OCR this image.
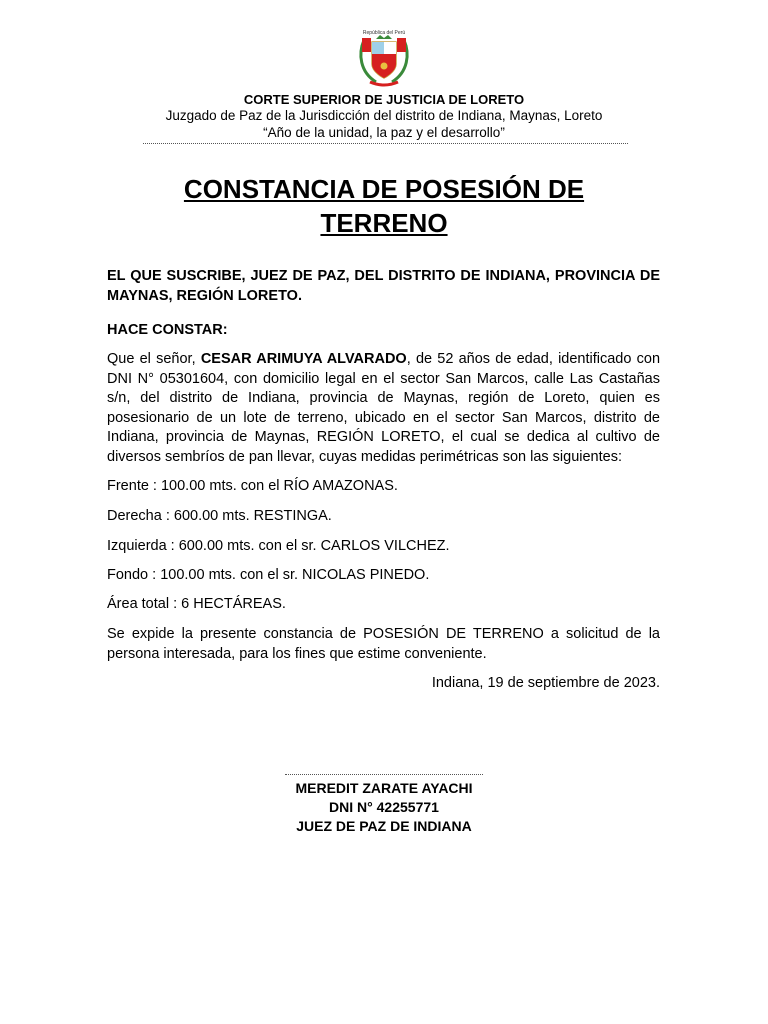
República del Perú
CORTE SUPERIOR DE JUSTICIA DE LORETO
Juzgado de Paz de la Jurisdicción del distrito de Indiana, Maynas, Loreto
“Año de la unidad, la paz y el desarrollo”
CONSTANCIA DE POSESIÓN DE
TERRENO
EL QUE SUSCRIBE, JUEZ DE PAZ, DEL DISTRITO DE INDIANA, PROVINCIA DE MAYNAS, REGIÓN LORETO.
HACE CONSTAR:
Que el señor, CESAR ARIMUYA ALVARADO, de 52 años de edad, identificado con DNI N° 05301604, con domicilio legal en el sector San Marcos, calle Las Castañas s/n, del distrito de Indiana, provincia de Maynas, región de Loreto, quien es posesionario de un lote de terreno, ubicado en el sector San Marcos, distrito de Indiana, provincia de Maynas, REGIÓN LORETO, el cual se dedica al cultivo de diversos sembríos de pan llevar, cuyas medidas perimétricas son las siguientes:
Frente : 100.00 mts. con el RÍO AMAZONAS.
Derecha : 600.00 mts. RESTINGA.
Izquierda : 600.00 mts. con el sr. CARLOS VILCHEZ.
Fondo : 100.00 mts. con el sr. NICOLAS PINEDO.
Área total : 6 HECTÁREAS.
Se expide la presente constancia de POSESIÓN DE TERRENO a solicitud de la persona interesada, para los fines que estime conveniente.
Indiana, 19 de septiembre de 2023.
MEREDIT ZARATE AYACHI
DNI N° 42255771
JUEZ DE PAZ DE INDIANA
